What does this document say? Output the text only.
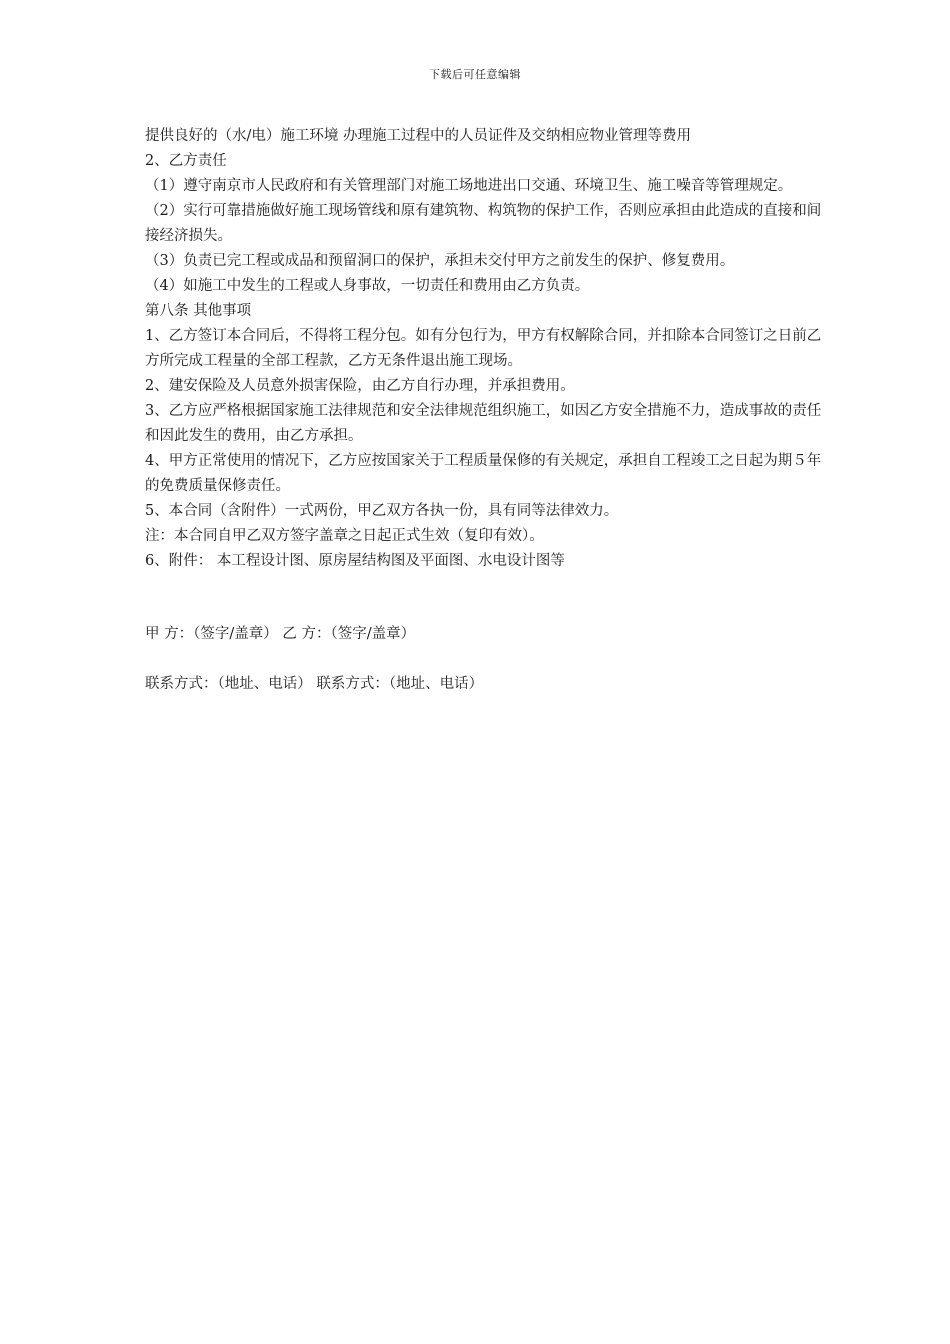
下载后可任意编辑

提供良好的（水/电）施工环境 办理施工过程中的人员证件及交纳相应物业管理等费用

2、乙方责任

（1）遵守南京市人民政府和有关管理部门对施工场地进出口交通、环境卫生、施工噪音等管理规定。

（2）实行可靠措施做好施工现场管线和原有建筑物、构筑物的保护工作，否则应承担由此造成的直接和间接经济损失。

（3）负责已完工程或成品和预留洞口的保护，承担未交付甲方之前发生的保护、修复费用。

（4）如施工中发生的工程或人身事故，一切责任和费用由乙方负责。

第八条 其他事项

1、乙方签订本合同后，不得将工程分包。如有分包行为，甲方有权解除合同，并扣除本合同签订之日前乙方所完成工程量的全部工程款，乙方无条件退出施工现场。

2、建安保险及人员意外损害保险，由乙方自行办理，并承担费用。

3、乙方应严格根据国家施工法律规范和安全法律规范组织施工，如因乙方安全措施不力，造成事故的责任和因此发生的费用，由乙方承担。

4、甲方正常使用的情况下，乙方应按国家关于工程质量保修的有关规定，承担自工程竣工之日起为期５年的免费质量保修责任。

5、本合同（含附件）一式两份，甲乙双方各执一份，具有同等法律效力。

注：本合同自甲乙双方签字盖章之日起正式生效（复印有效）。

6、附件： 本工程设计图、原房屋结构图及平面图、水电设计图等

甲 方：（签字/盖章） 乙 方：（签字/盖章）

联系方式：（地址、电话） 联系方式：（地址、电话）
